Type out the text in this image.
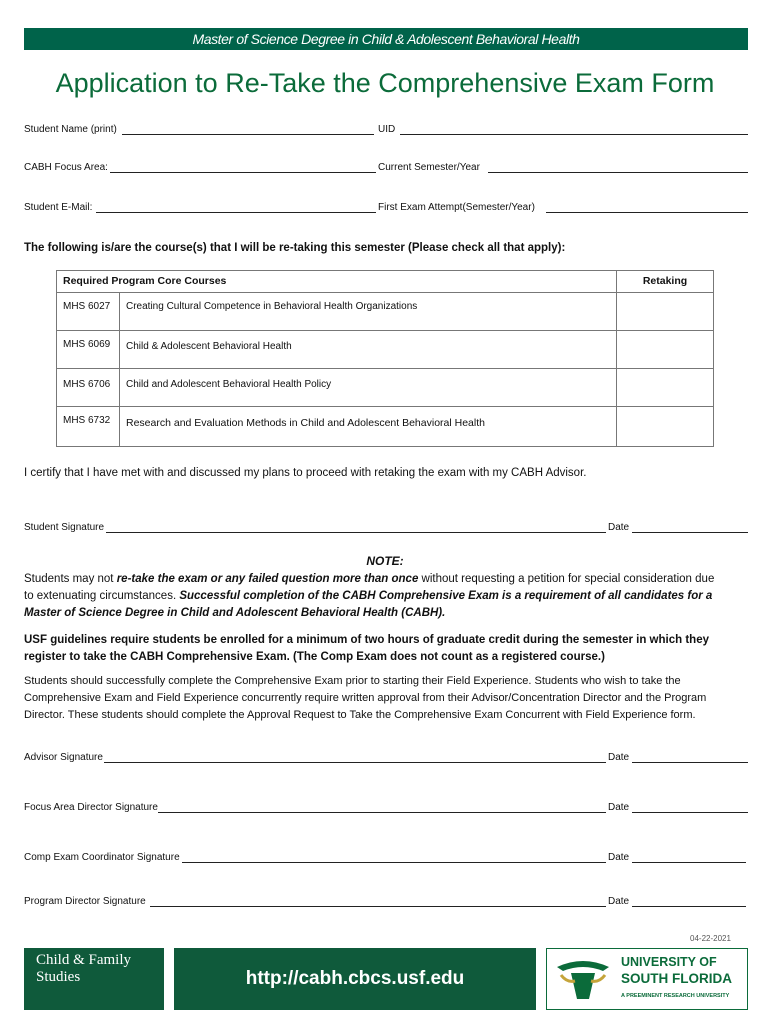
Master of Science Degree in Child & Adolescent Behavioral Health
Application to Re-Take the Comprehensive Exam Form
Student Name (print)	UID
CABH Focus Area:	Current Semester/Year
Student E-Mail:	First Exam Attempt(Semester/Year)
The following is/are the course(s) that I will be re-taking this semester (Please check all that apply):
Required Program Core Courses		Retaking
MHS 6027	Creating Cultural Competence in Behavioral Health Organizations	
MHS 6069	Child & Adolescent Behavioral Health	
MHS 6706	Child and Adolescent Behavioral Health Policy	
MHS 6732	Research and Evaluation Methods in Child and Adolescent Behavioral Health	
I certify that I have met with and discussed my plans to proceed with retaking the exam with my CABH Advisor.
Student Signature	Date
NOTE:
Students may not re-take the exam or any failed question more than once without requesting a petition for special consideration due to extenuating circumstances. Successful completion of the CABH Comprehensive Exam is a requirement of all candidates for a Master of Science Degree in Child and Adolescent Behavioral Health (CABH).
USF guidelines require students be enrolled for a minimum of two hours of graduate credit during the semester in which they register to take the CABH Comprehensive Exam. (The Comp Exam does not count as a registered course.)
Students should successfully complete the Comprehensive Exam prior to starting their Field Experience. Students who wish to take the Comprehensive Exam and Field Experience concurrently require written approval from their Advisor/Concentration Director and the Program Director. These students should complete the Approval Request to Take the Comprehensive Exam Concurrent with Field Experience form.
Advisor Signature	Date
Focus Area Director Signature	Date
Comp Exam Coordinator Signature	Date
Program Director Signature	Date
04-22-2021
Child & Family Studies	http://cabh.cbcs.usf.edu
UNIVERSITY OF
SOUTH FLORIDA
A PREEMINENT RESEARCH UNIVERSITY
